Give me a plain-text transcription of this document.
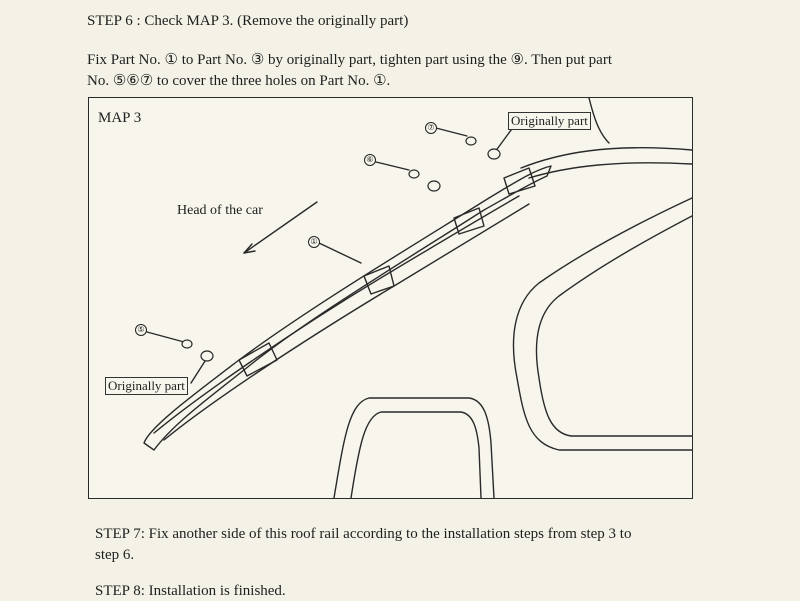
STEP 6 : Check MAP 3. (Remove the originally part)
Fix Part No. ① to Part No. ③ by originally part, tighten part using the ⑨. Then put part
No. ⑤⑥⑦ to cover the three holes on Part No. ①.
MAP 3
Head of the car
Originally part
Originally part
⑦
⑥
①
⑤
STEP 7: Fix another side of this roof rail according to the installation steps from step 3 to
step 6.
STEP 8: Installation is finished.
